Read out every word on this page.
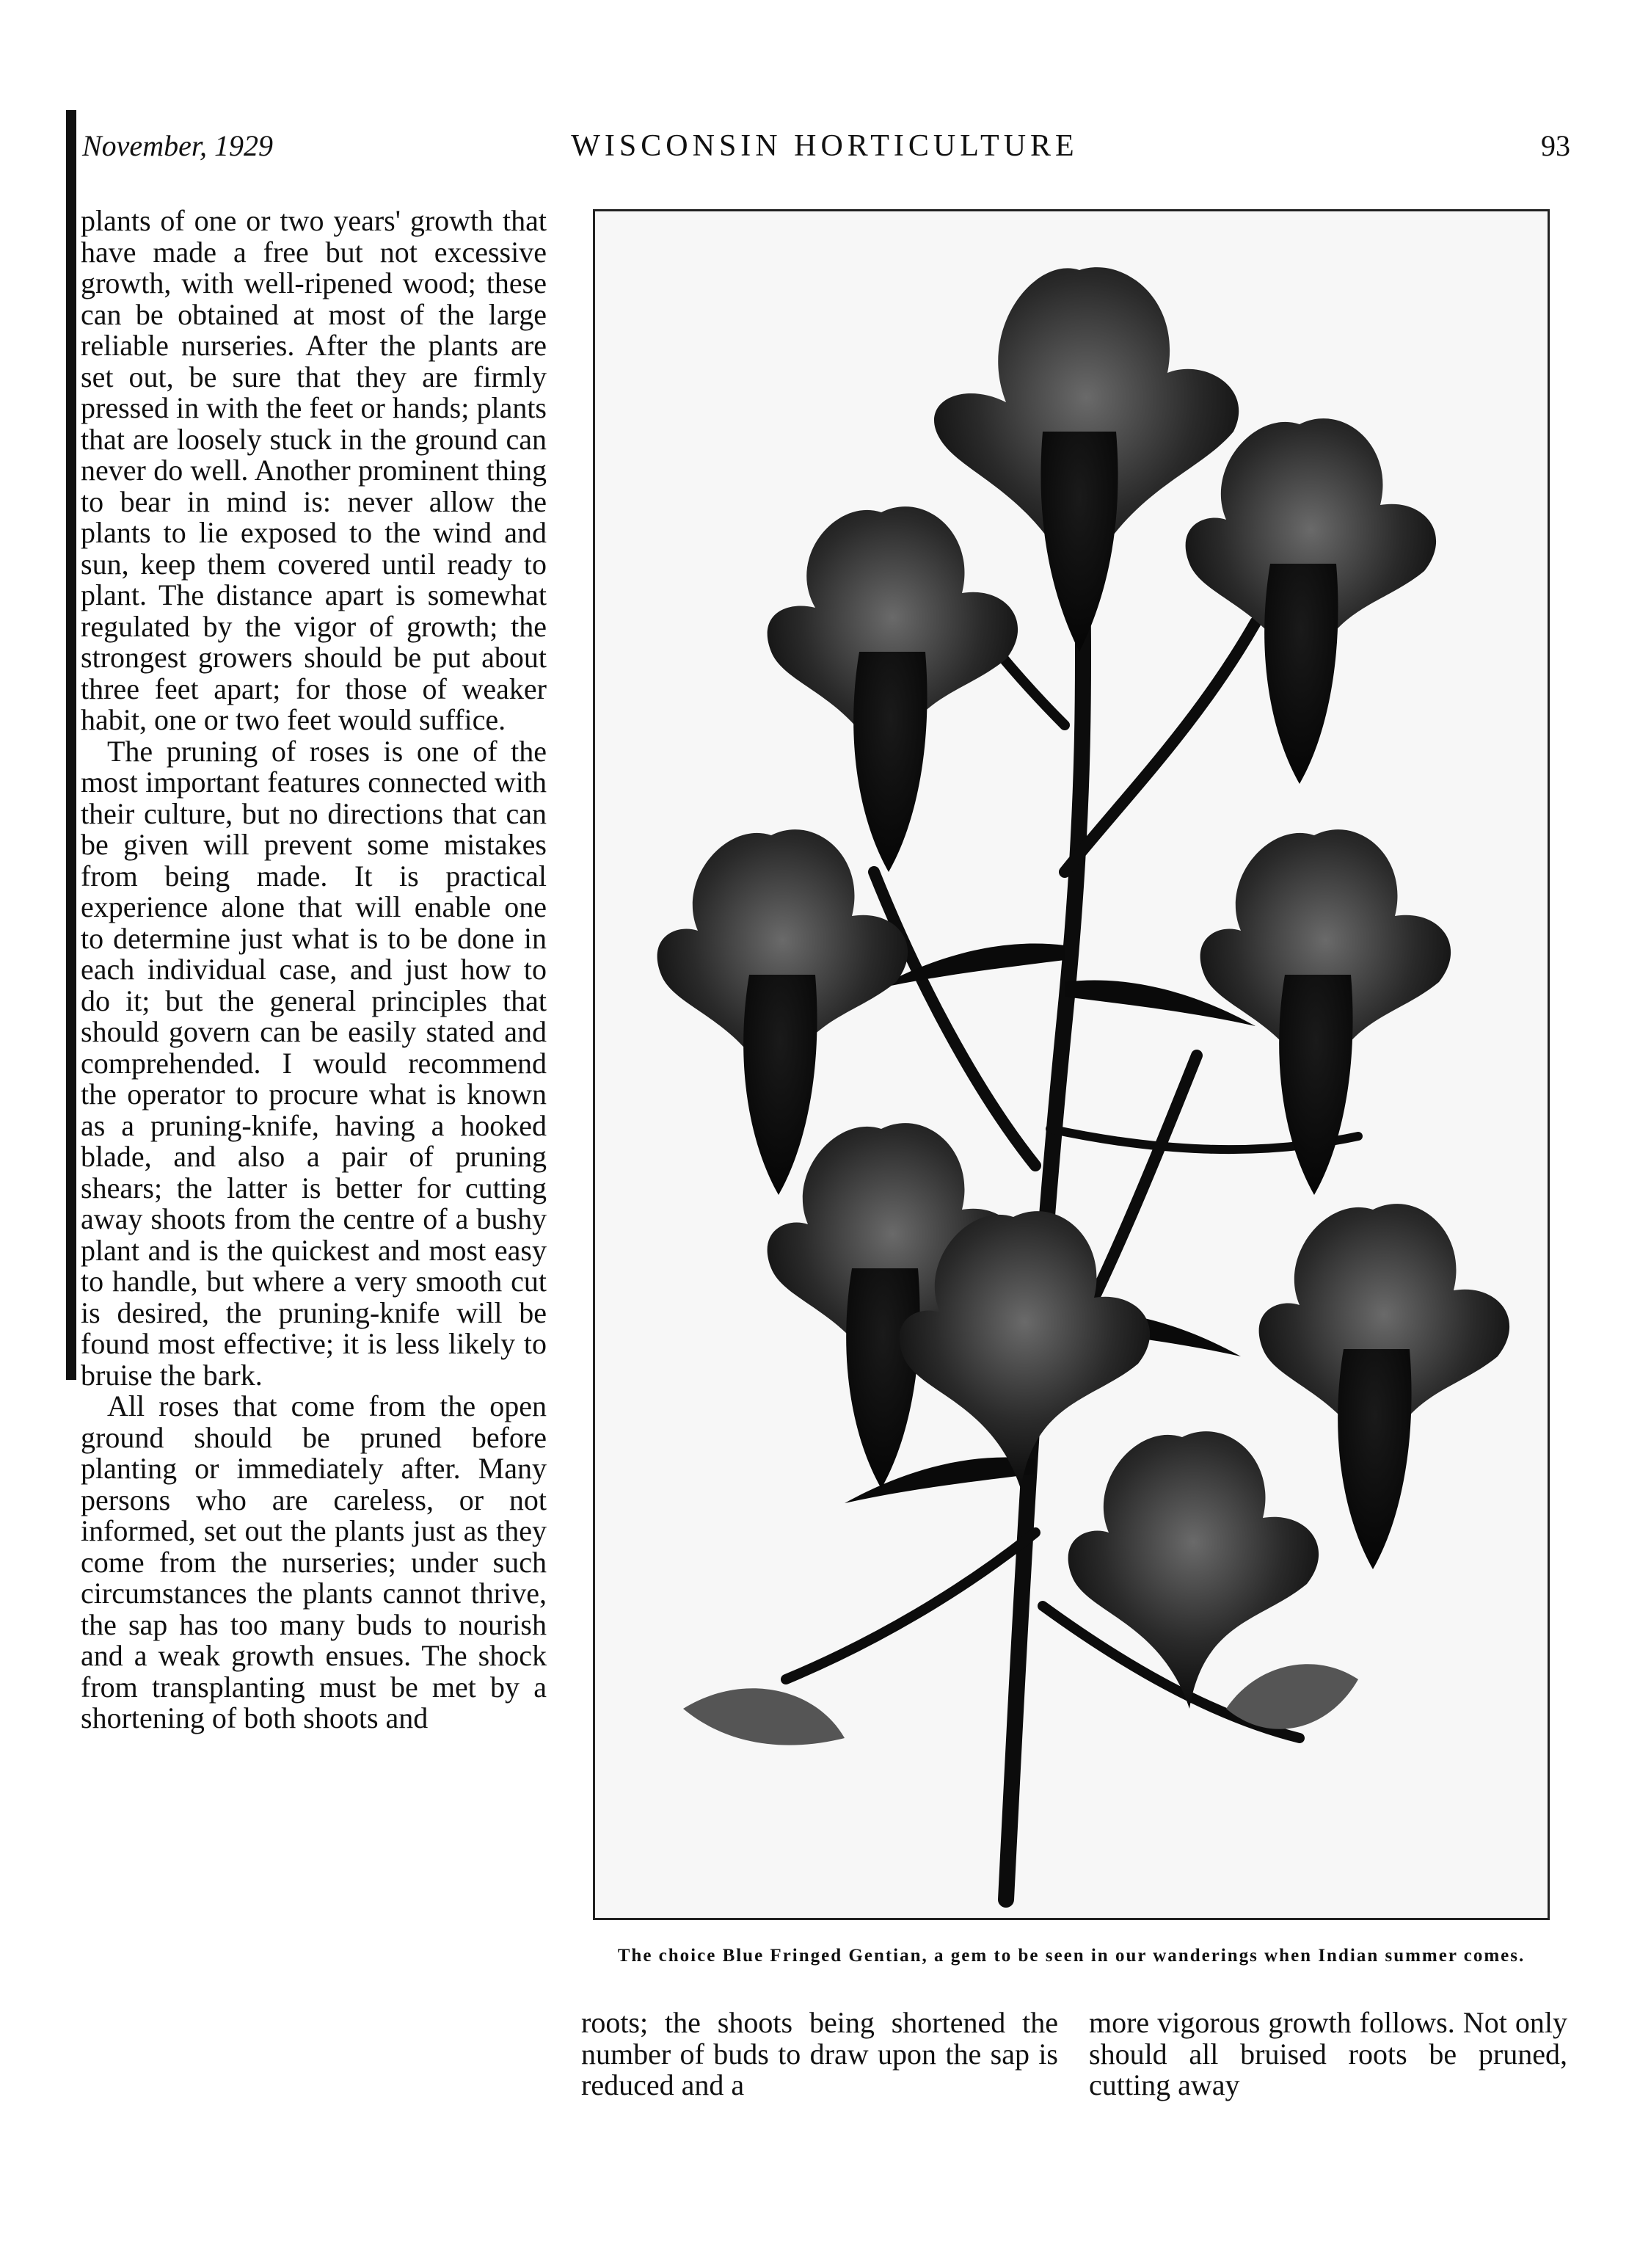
November, 1929	WISCONSIN HORTICULTURE	93

plants of one or two years' growth that have made a free but not excessive growth, with well-ripened wood; these can be obtained at most of the large reliable nurseries. After the plants are set out, be sure that they are firmly pressed in with the feet or hands; plants that are loosely stuck in the ground can never do well. Another prominent thing to bear in mind is: never allow the plants to lie exposed to the wind and sun, keep them covered until ready to plant. The distance apart is somewhat regulated by the vigor of growth; the strongest growers should be put about three feet apart; for those of weaker habit, one or two feet would suffice.

The pruning of roses is one of the most important features connected with their culture, but no directions that can be given will prevent some mistakes from being made. It is practical experience alone that will enable one to determine just what is to be done in each individual case, and just how to do it; but the general principles that should govern can be easily stated and comprehended. I would recommend the operator to procure what is known as a pruning-knife, having a hooked blade, and also a pair of pruning shears; the latter is better for cutting away shoots from the centre of a bushy plant and is the quickest and most easy to handle, but where a very smooth cut is desired, the pruning-knife will be found most effective; it is less likely to bruise the bark.

All roses that come from the open ground should be pruned before planting or immediately after. Many persons who are careless, or not informed, set out the plants just as they come from the nurseries; under such circumstances the plants cannot thrive, the sap has too many buds to nourish and a weak growth ensues. The shock from transplanting must be met by a shortening of both shoots and

The choice Blue Fringed Gentian, a gem to be seen in our wanderings when Indian summer comes.

roots; the shoots being shortened the number of buds to draw upon the sap is reduced and a

more vigorous growth follows. Not only should all bruised roots be pruned, cutting away
